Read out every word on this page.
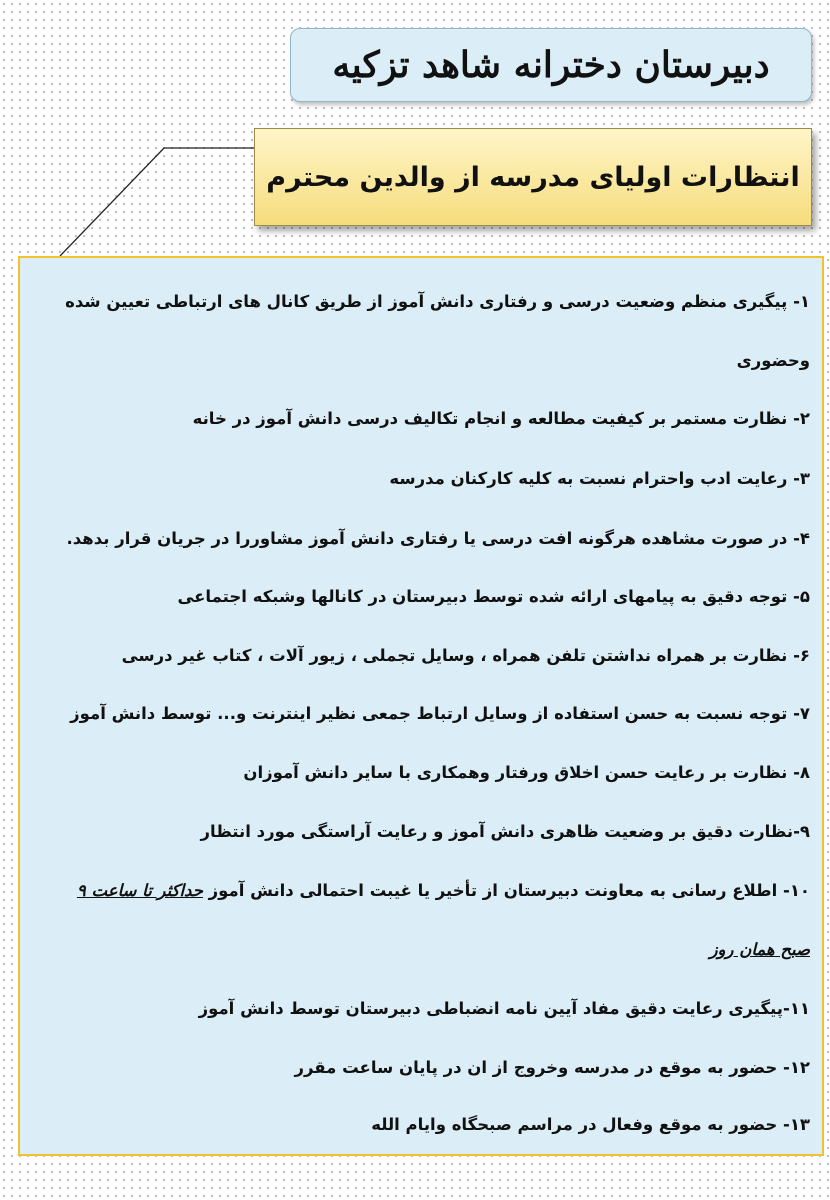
دبیرستان دخترانه شاهد تزکیه
انتظارات اولیای مدرسه از والدین محترم
۱- پیگیری منظم وضعیت درسی و رفتاری دانش آموز از طریق کانال های ارتباطی تعیین شده
وحضوری
۲- نظارت مستمر بر کیفیت مطالعه و انجام تکالیف درسی دانش آموز در خانه
۳- رعایت ادب واحترام نسبت به کلیه کارکنان مدرسه
۴- در صورت مشاهده هرگونه افت درسی یا رفتاری دانش آموز مشاوررا در جریان قرار بدهد.
۵- توجه دقیق به پیامهای ارائه شده توسط دبیرستان در کانالها وشبکه اجتماعی
۶- نظارت بر همراه نداشتن تلفن همراه ، وسایل تجملی ، زیور آلات ، کتاب غیر درسی
۷- توجه نسبت به حسن استفاده از وسایل ارتباط جمعی نظیر اینترنت و... توسط دانش آموز
۸- نظارت بر رعایت حسن اخلاق ورفتار وهمکاری با سایر دانش آموزان
۹-نظارت دقیق بر وضعیت ظاهری دانش آموز و رعایت آراستگی مورد انتظار
۱۰- اطلاع رسانی به معاونت دبیرستان از تأخیر یا غیبت احتمالی دانش آموز حداکثر تا ساعت ۹
صبح همان روز
۱۱-پیگیری رعایت دقیق مفاد آیین نامه انضباطی دبیرستان توسط دانش آموز
۱۲- حضور به موقع در مدرسه وخروج از ان در پایان ساعت مقرر
۱۳- حضور به موقع وفعال در مراسم صبحگاه وایام الله
